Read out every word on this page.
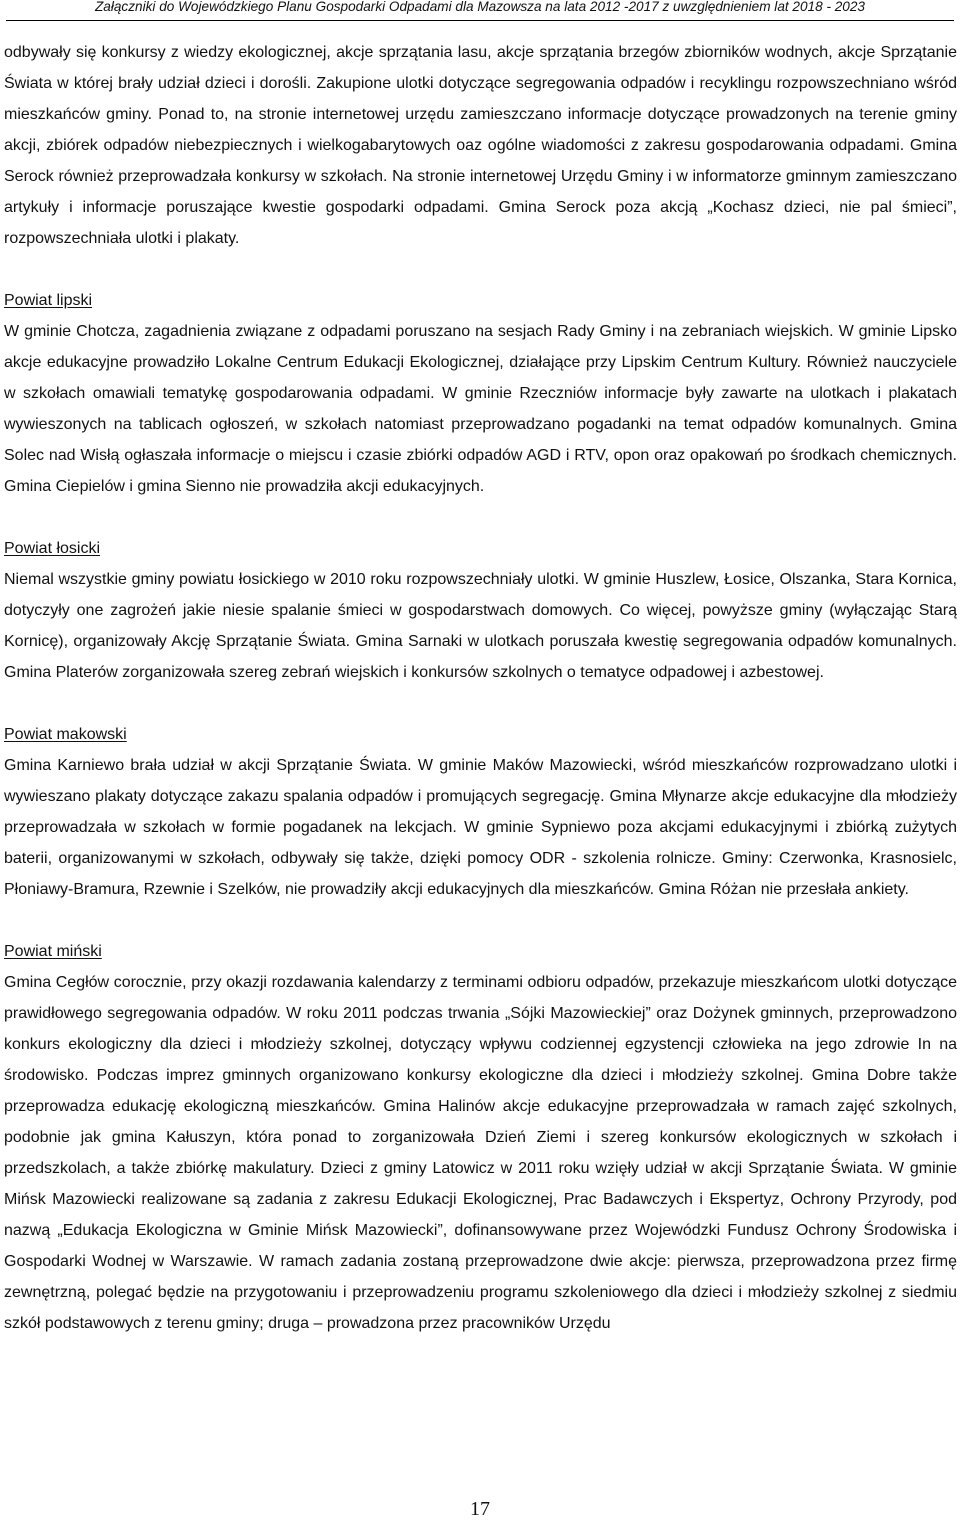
Załączniki do Wojewódzkiego Planu Gospodarki Odpadami dla Mazowsza na lata 2012 -2017 z uwzględnieniem lat 2018 - 2023

odbywały się konkursy z wiedzy ekologicznej, akcje sprzątania lasu, akcje sprzątania brzegów zbiorników wodnych, akcje Sprzątanie Świata w której brały udział dzieci i dorośli. Zakupione ulotki dotyczące segregowania odpadów i recyklingu rozpowszechniano wśród mieszkańców gminy. Ponad to, na stronie internetowej urzędu zamieszczano informacje dotyczące prowadzonych na terenie gminy akcji, zbiórek odpadów niebezpiecznych i wielkogabarytowych oaz ogólne wiadomości z zakresu gospodarowania odpadami. Gmina Serock również przeprowadzała konkursy w szkołach. Na stronie internetowej Urzędu Gminy i w informatorze gminnym zamieszczano artykuły i informacje poruszające kwestie gospodarki odpadami. Gmina Serock poza akcją „Kochasz dzieci, nie pal śmieci”, rozpowszechniała ulotki i plakaty.

Powiat lipski

W gminie Chotcza, zagadnienia związane z odpadami poruszano na sesjach Rady Gminy i na zebraniach wiejskich. W gminie Lipsko akcje edukacyjne prowadziło Lokalne Centrum Edukacji Ekologicznej, działające przy Lipskim Centrum Kultury. Również nauczyciele w szkołach omawiali tematykę gospodarowania odpadami. W gminie Rzeczniów informacje były zawarte na ulotkach i plakatach wywieszonych na tablicach ogłoszeń, w szkołach natomiast przeprowadzano pogadanki na temat odpadów komunalnych. Gmina Solec nad Wisłą ogłaszała informacje o miejscu i czasie zbiórki odpadów AGD i RTV, opon oraz opakowań po środkach chemicznych. Gmina Ciepielów i gmina Sienno nie prowadziła akcji edukacyjnych.

Powiat łosicki

Niemal wszystkie gminy powiatu łosickiego w 2010 roku rozpowszechniały ulotki. W gminie Huszlew, Łosice, Olszanka, Stara Kornica, dotyczyły one zagrożeń jakie niesie spalanie śmieci w gospodarstwach domowych. Co więcej, powyższe gminy (wyłączając Starą Kornicę), organizowały Akcję Sprzątanie Świata. Gmina Sarnaki w ulotkach poruszała kwestię segregowania odpadów komunalnych. Gmina Platerów zorganizowała szereg zebrań wiejskich i konkursów szkolnych o tematyce odpadowej i azbestowej.

Powiat makowski

Gmina Karniewo brała udział w akcji Sprzątanie Świata. W gminie Maków Mazowiecki, wśród mieszkańców rozprowadzano ulotki i wywieszano plakaty dotyczące zakazu spalania odpadów i promujących segregację. Gmina Młynarze akcje edukacyjne dla młodzieży przeprowadzała w szkołach w formie pogadanek na lekcjach. W gminie Sypniewo poza akcjami edukacyjnymi i zbiórką zużytych baterii, organizowanymi w szkołach, odbywały się także, dzięki pomocy ODR - szkolenia rolnicze. Gminy: Czerwonka, Krasnosielc, Płoniawy-Bramura, Rzewnie i Szelków, nie prowadziły akcji edukacyjnych dla mieszkańców. Gmina Różan nie przesłała ankiety.

Powiat miński

Gmina Cegłów corocznie, przy okazji rozdawania kalendarzy z terminami odbioru odpadów, przekazuje mieszkańcom ulotki dotyczące prawidłowego segregowania odpadów. W roku 2011 podczas trwania „Sójki Mazowieckiej” oraz Dożynek gminnych, przeprowadzono konkurs ekologiczny dla dzieci i młodzieży szkolnej, dotyczący wpływu codziennej egzystencji człowieka na jego zdrowie In na środowisko. Podczas imprez gminnych organizowano konkursy ekologiczne dla dzieci i młodzieży szkolnej. Gmina Dobre także przeprowadza edukację ekologiczną mieszkańców. Gmina Halinów akcje edukacyjne przeprowadzała w ramach zajęć szkolnych, podobnie jak gmina Kałuszyn, która ponad to zorganizowała Dzień Ziemi i szereg konkursów ekologicznych w szkołach i przedszkolach, a także zbiórkę makulatury. Dzieci z gminy Latowicz w 2011 roku wzięły udział w akcji Sprzątanie Świata. W gminie Mińsk Mazowiecki realizowane są zadania z zakresu Edukacji Ekologicznej, Prac Badawczych i Ekspertyz, Ochrony Przyrody, pod nazwą „Edukacja Ekologiczna w Gminie Mińsk Mazowiecki”, dofinansowywane przez Wojewódzki Fundusz Ochrony Środowiska i Gospodarki Wodnej w Warszawie. W ramach zadania zostaną przeprowadzone dwie akcje: pierwsza, przeprowadzona przez firmę zewnętrzną, polegać będzie na przygotowaniu i przeprowadzeniu programu szkoleniowego dla dzieci i młodzieży szkolnej z siedmiu szkół podstawowych z terenu gminy; druga – prowadzona przez pracowników Urzędu

17
